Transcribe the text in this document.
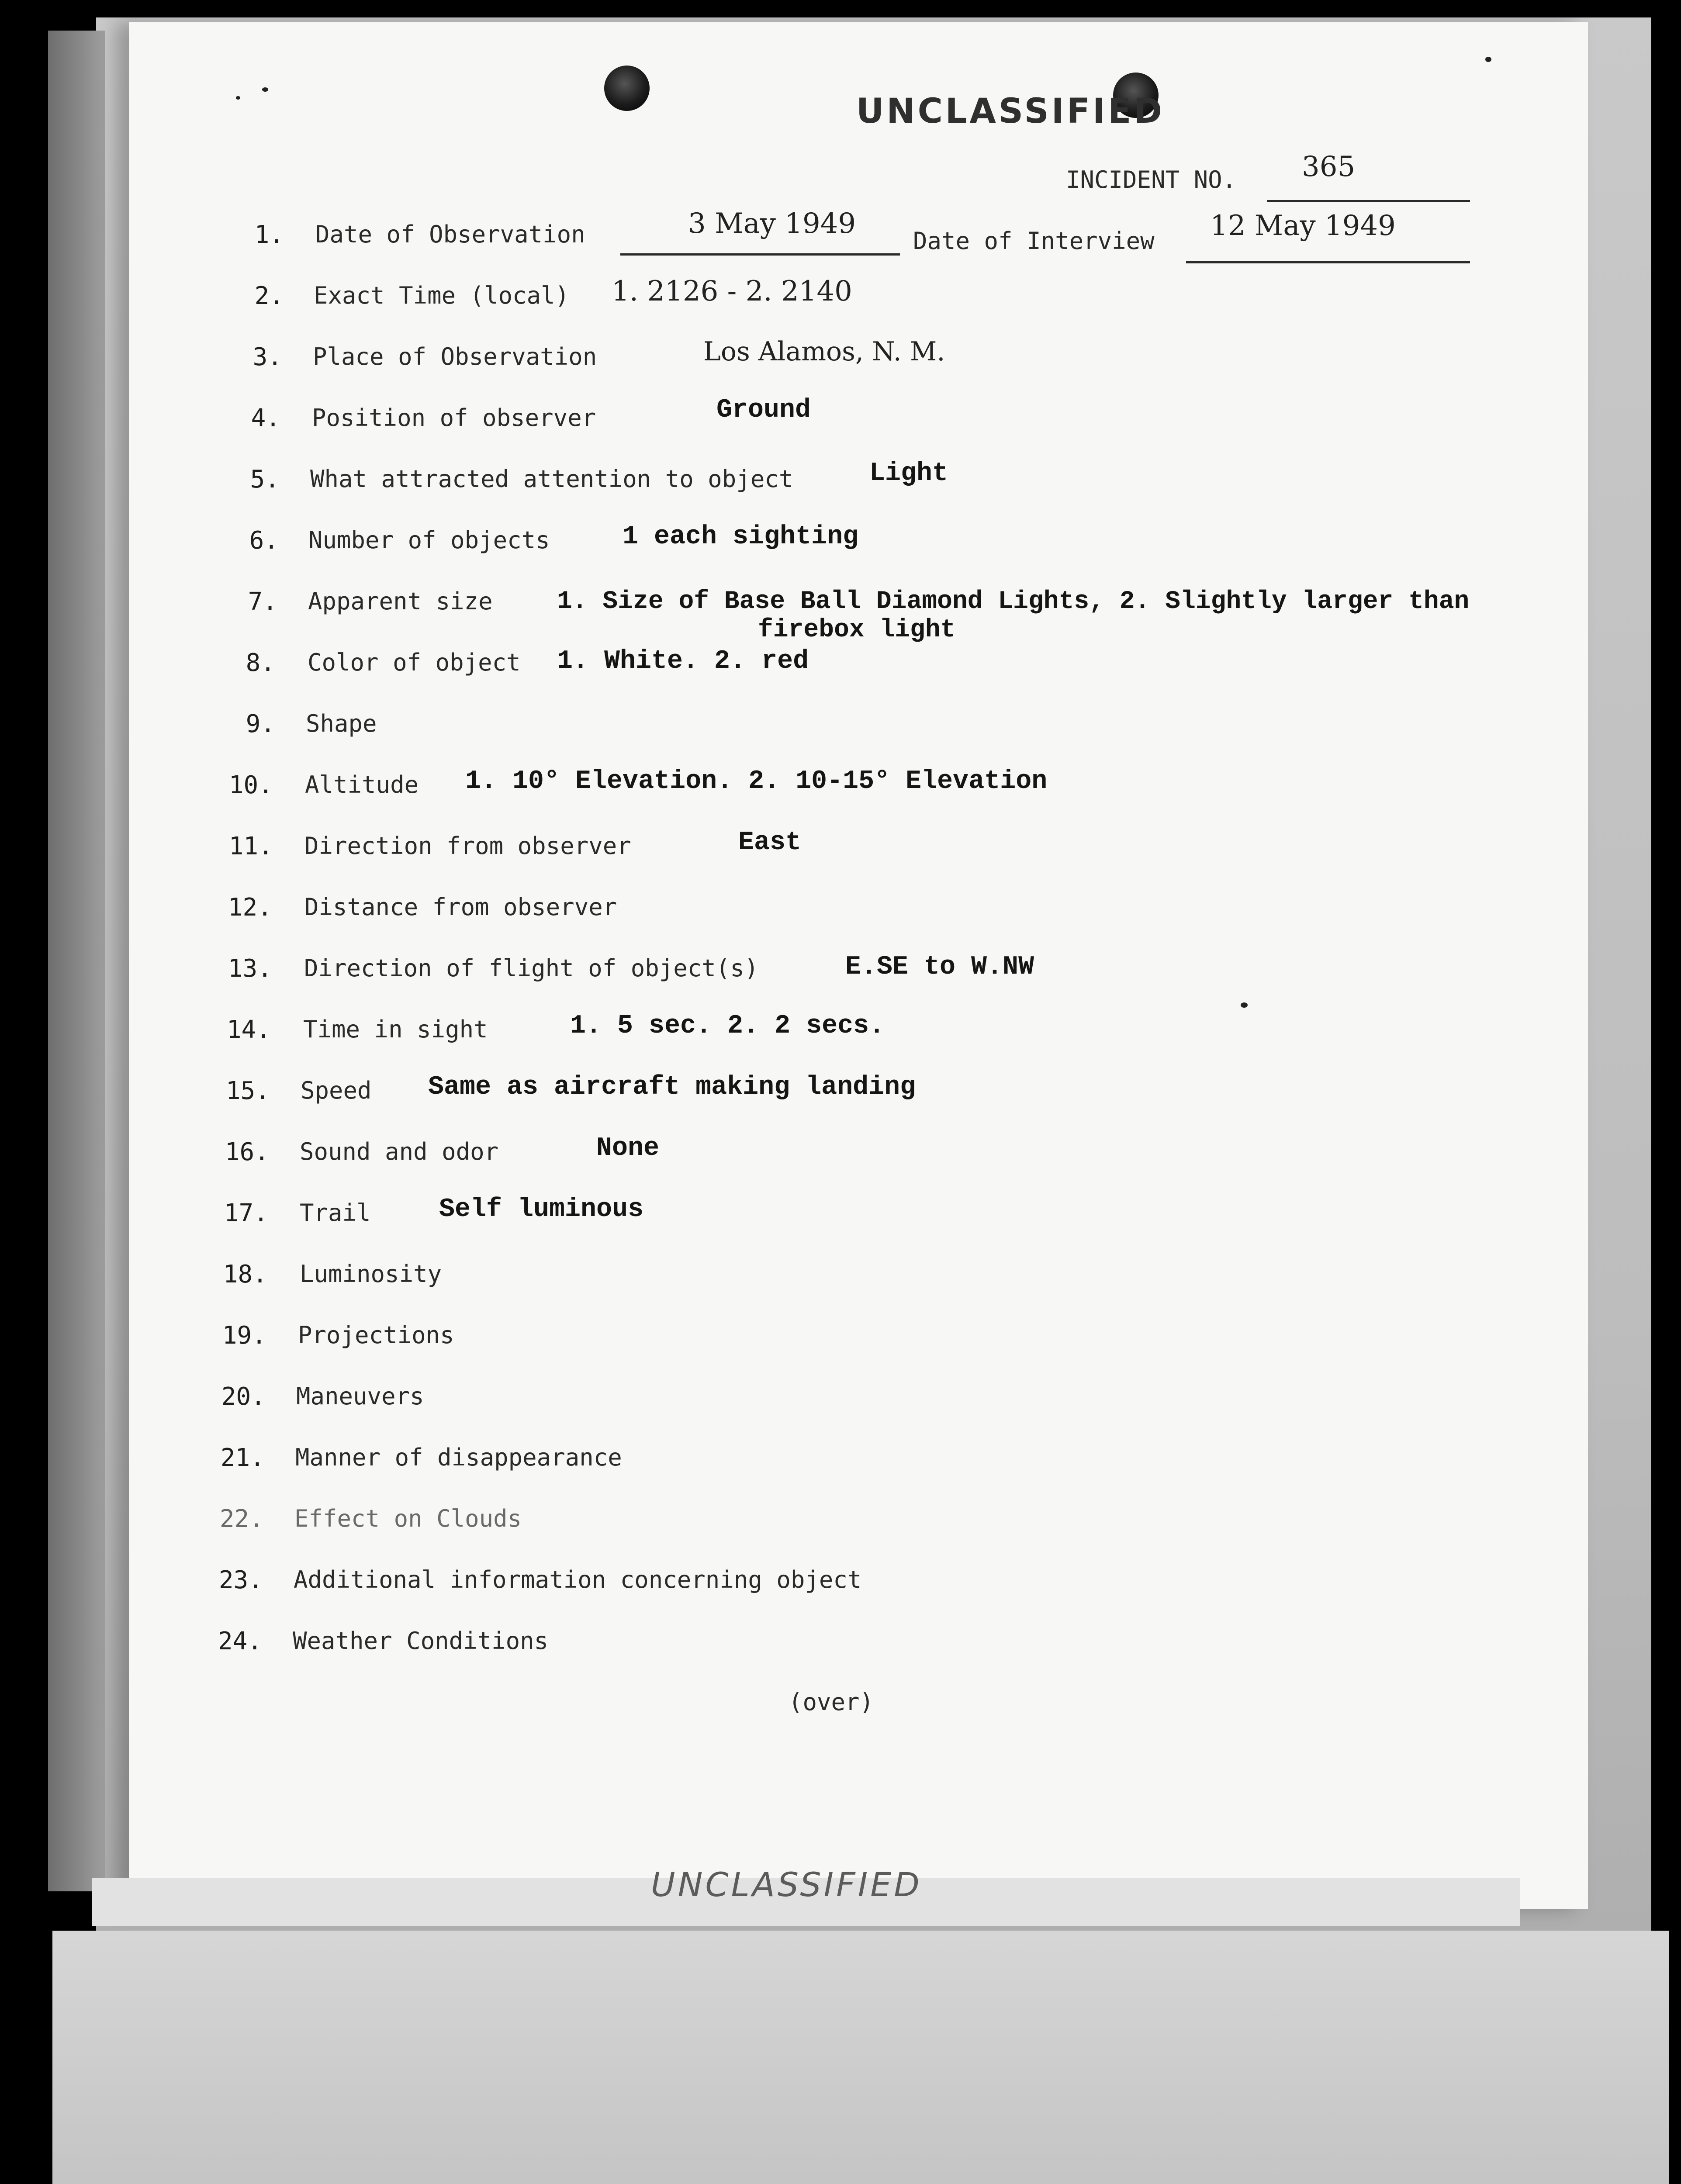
UNCLASSIFIED
INCIDENT NO. 365
1. Date of Observation	3 May 1949
Date of Interview 12 May 1949
2. Exact Time (local) 1. 2126 - 2. 2140
3. Place of Observation	Los Alamos, N. M.
4. Position of observer	Ground
5. What attracted attention to object	Light
6. Number of objects	1 each sighting
7. Apparent size	1. Size of Base Ball Diamond Lights, 2. Slightly larger than
firebox light
8. Color of object 1. White. 2. red
9. Shape
10. Altitude 1. 10° Elevation. 2. 10-15° Elevation
11. Direction from observer	East
12. Distance from observer
13. Direction of flight of object(s)	E.SE to W.NW
14. Time in sight	1. 5 sec. 2. 2 secs.
15. Speed Same as aircraft making landing
16. Sound and odor	None
17. Trail	Self luminous
18. Luminosity
19. Projections
20. Maneuvers
21. Manner of disappearance
22. Effect on Clouds
23. Additional information concerning object
24. Weather Conditions
(over)
UNCLASSIFIED
